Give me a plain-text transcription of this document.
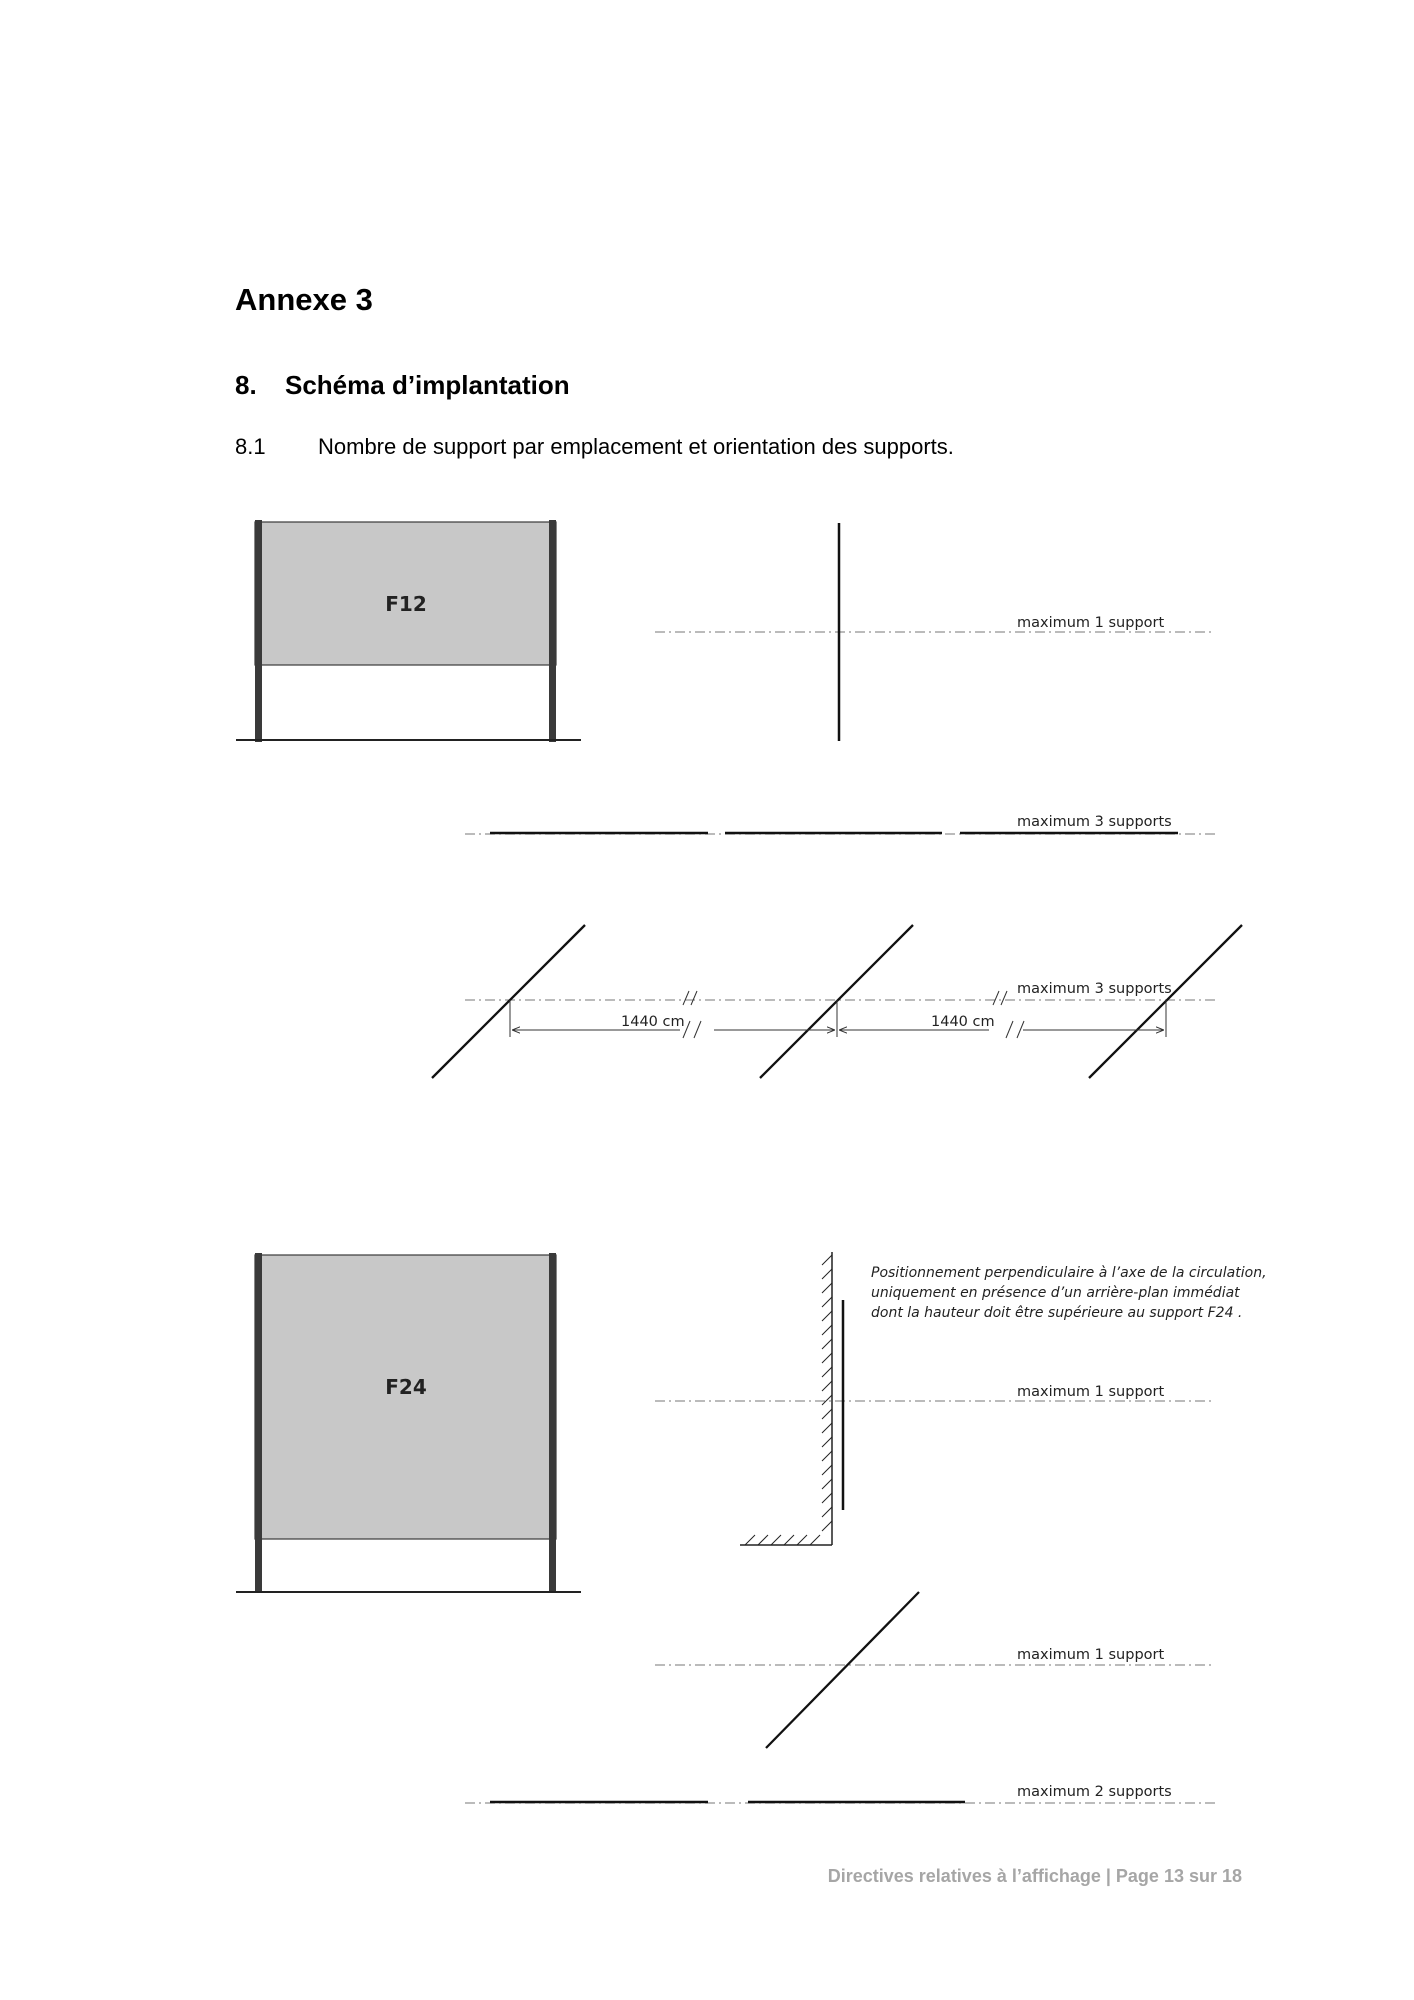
Annexe 3
8. Schéma d’implantation

8.1 Nombre de support par emplacement et orientation des supports.

F12
maximum 1 support
maximum 3 supports
1440 cm	1440 cm
maximum 3 supports
F24	maximum 1 support
Positionnement perpendiculaire à l’axe de la circulation,
uniquement en présence d’un arrière-plan immédiat
dont la hauteur doit être supérieure au support F24 .
maximum 1 support
maximum 2 supports
Directives relatives à l’affichage | Page 13 sur 18
